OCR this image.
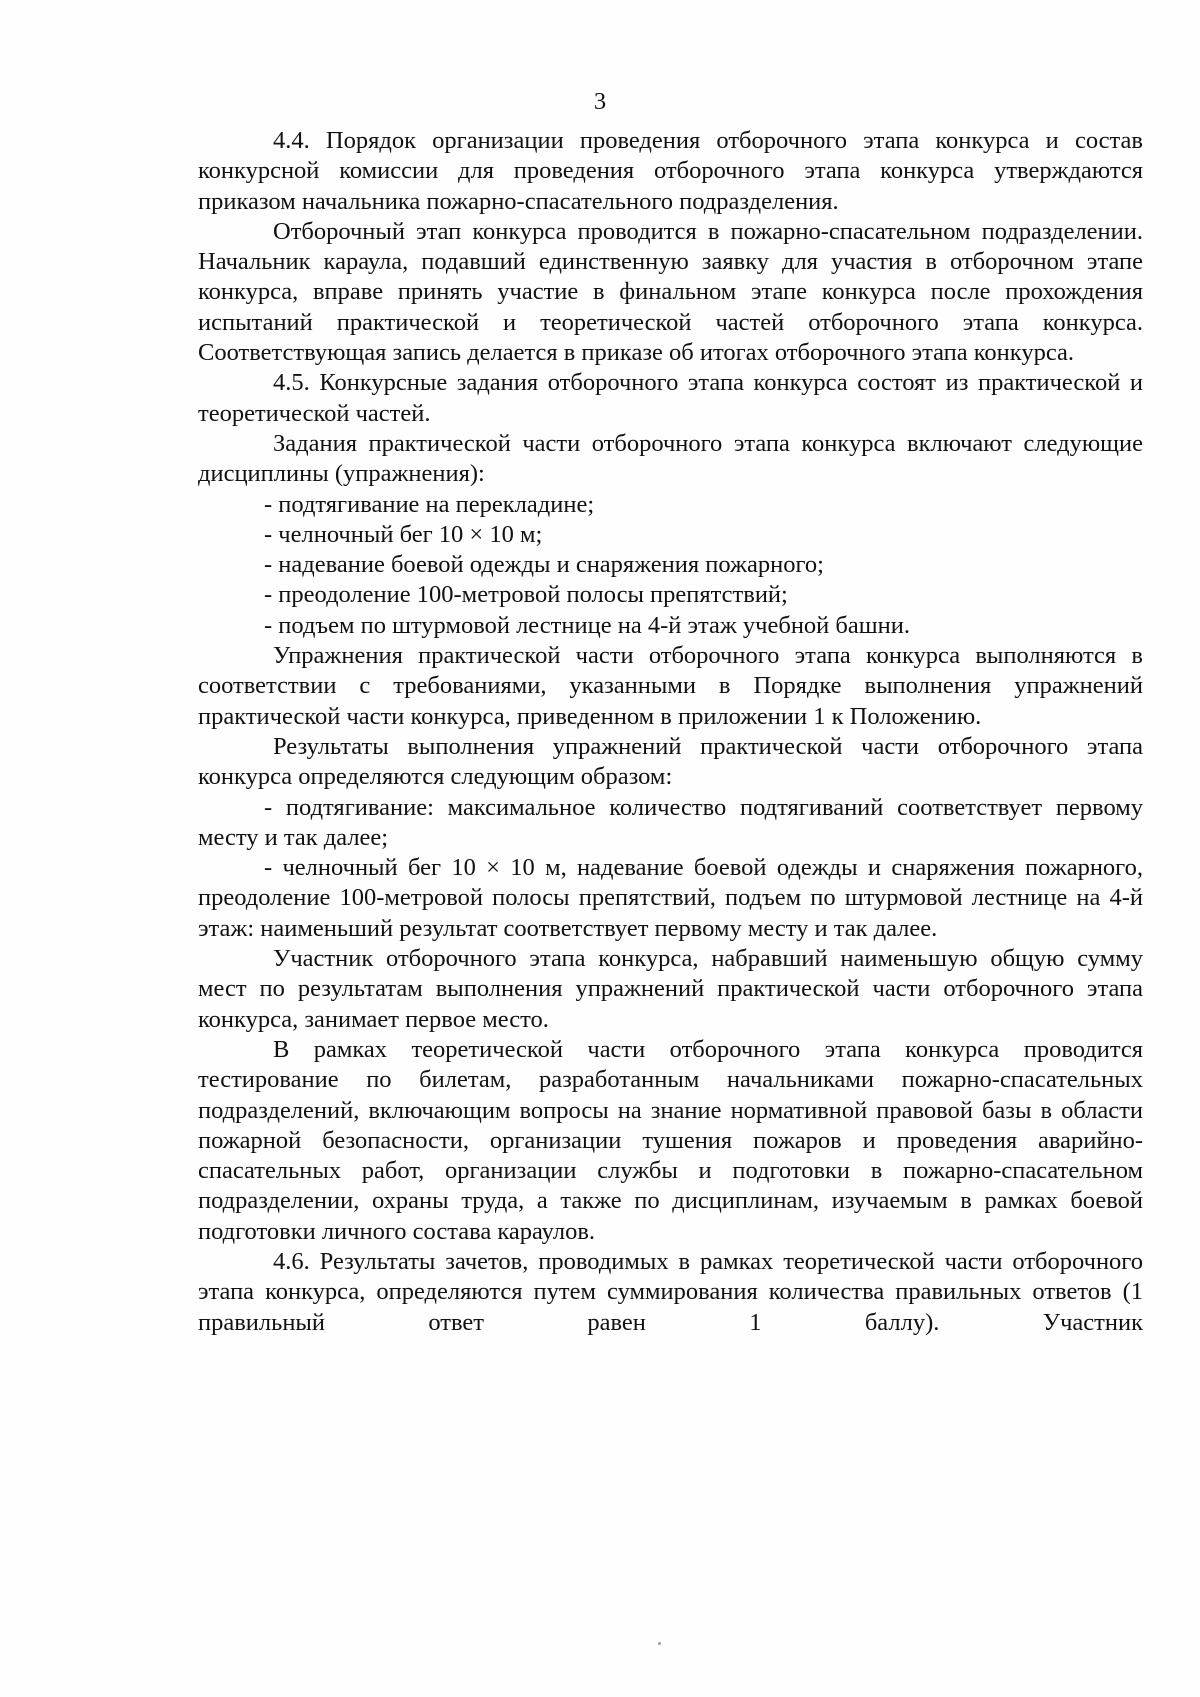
3

4.4. Порядок организации проведения отборочного этапа конкурса и состав конкурсной комиссии для проведения отборочного этапа конкурса утверждаются приказом начальника пожарно-спасательного подразделения.

Отборочный этап конкурса проводится в пожарно-спасательном подразделении. Начальник караула, подавший единственную заявку для участия в отборочном этапе конкурса, вправе принять участие в финальном этапе конкурса после прохождения испытаний практической и теоретической частей отборочного этапа конкурса. Соответствующая запись делается в приказе об итогах отборочного этапа конкурса.

4.5. Конкурсные задания отборочного этапа конкурса состоят из практической и теоретической частей.

Задания практической части отборочного этапа конкурса включают следующие дисциплины (упражнения):

- подтягивание на перекладине;

- челночный бег 10 × 10 м;

- надевание боевой одежды и снаряжения пожарного;

- преодоление 100-метровой полосы препятствий;

- подъем по штурмовой лестнице на 4-й этаж учебной башни.

Упражнения практической части отборочного этапа конкурса выполняются в соответствии с требованиями, указанными в Порядке выполнения упражнений практической части конкурса, приведенном в приложении 1 к Положению.

Результаты выполнения упражнений практической части отборочного этапа конкурса определяются следующим образом:

- подтягивание: максимальное количество подтягиваний соответствует первому месту и так далее;

- челночный бег 10 × 10 м, надевание боевой одежды и снаряжения пожарного, преодоление 100-метровой полосы препятствий, подъем по штурмовой лестнице на 4-й этаж: наименьший результат соответствует первому месту и так далее.

Участник отборочного этапа конкурса, набравший наименьшую общую сумму мест по результатам выполнения упражнений практической части отборочного этапа конкурса, занимает первое место.

В рамках теоретической части отборочного этапа конкурса проводится тестирование по билетам, разработанным начальниками пожарно-спасательных подразделений, включающим вопросы на знание нормативной правовой базы в области пожарной безопасности, организации тушения пожаров и проведения аварийно-спасательных работ, организации службы и подготовки в пожарно-спасательном подразделении, охраны труда, а также по дисциплинам, изучаемым в рамках боевой подготовки личного состава караулов.

4.6. Результаты зачетов, проводимых в рамках теоретической части отборочного этапа конкурса, определяются путем суммирования количества правильных ответов (1 правильный ответ равен 1 баллу). Участник
